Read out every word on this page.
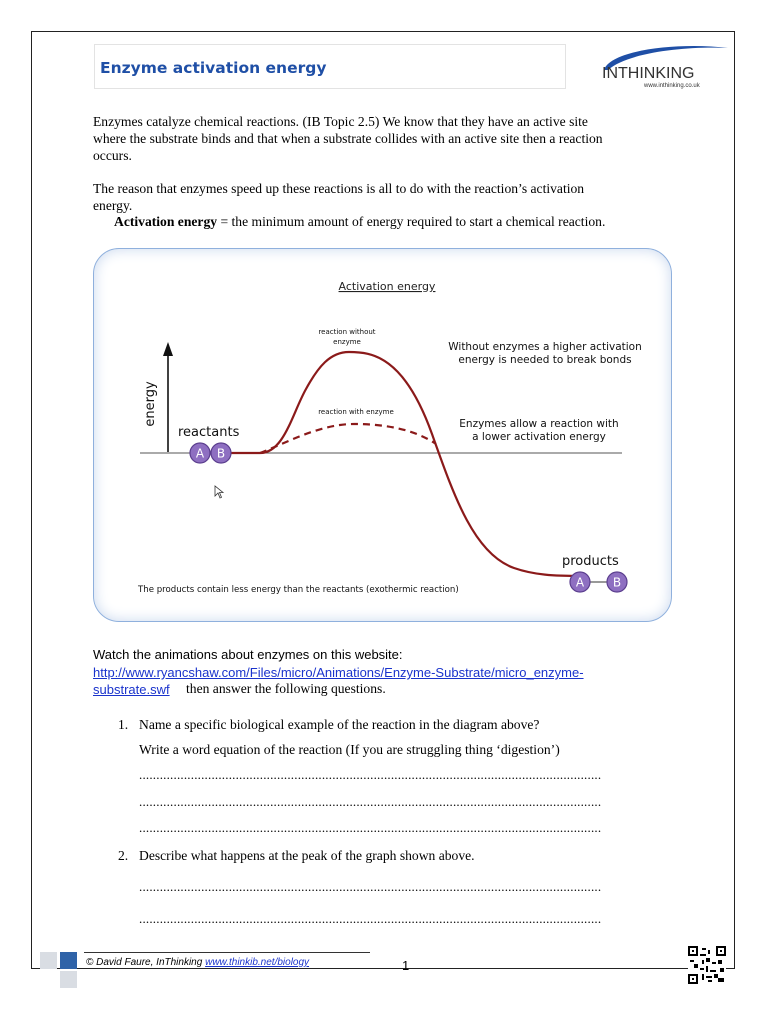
Enzyme activation energy	INTHINKING
www.inthinking.co.uk
Enzymes catalyze chemical reactions. (IB Topic 2.5) We know that they have an active site
where the substrate binds and that when a substrate collides with an active site then a reaction
occurs.
The reason that enzymes speed up these reactions is all to do with the reaction’s activation
energy.
Activation energy = the minimum amount of energy required to start a chemical reaction.
Activation energy
energy
reactants
reaction without
enzyme
reaction with enzyme
Without enzymes a higher activation
energy is needed to break bonds
Enzymes allow a reaction with
a lower activation energy
A B
products
A B
The products contain less energy than the reactants (exothermic reaction)
Watch the animations about enzymes on this website:
http://www.ryancshaw.com/Files/micro/Animations/Enzyme-Substrate/micro_enzyme-
substrate.swf then answer the following questions.
1. Name a specific biological example of the reaction in the diagram above?
Write a word equation of the reaction (If you are struggling thing ‘digestion’)
......................................................................................................................................
......................................................................................................................................
......................................................................................................................................
2. Describe what happens at the peak of the graph shown above.
......................................................................................................................................
......................................................................................................................................
© David Faure, InThinking www.thinkib.net/biology	1
